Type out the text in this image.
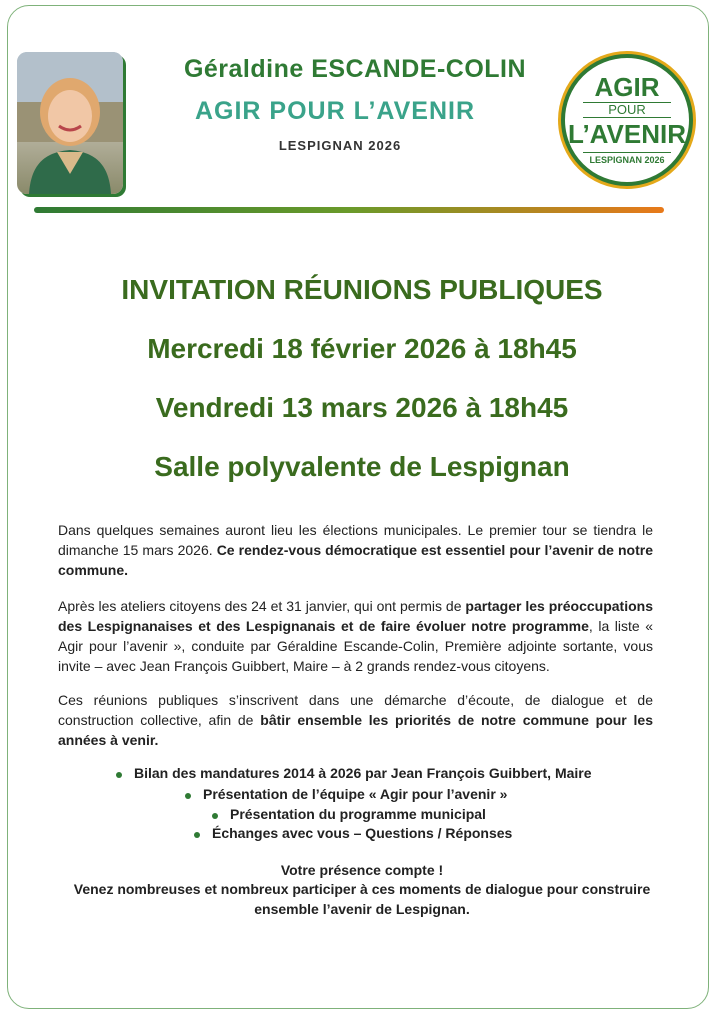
Géraldine ESCANDE-COLIN
AGIR POUR L’AVENIR
LESPIGNAN 2026
AGIR
POUR
L’AVENIR
LESPIGNAN 2026
INVITATION RÉUNIONS PUBLIQUES
Mercredi 18 février 2026 à 18h45
Vendredi 13 mars 2026 à 18h45
Salle polyvalente de Lespignan
Dans quelques semaines auront lieu les élections municipales. Le premier tour se tiendra le dimanche 15 mars 2026. Ce rendez-vous démocratique est essentiel pour l’avenir de notre commune.
Après les ateliers citoyens des 24 et 31 janvier, qui ont permis de partager les préoccupations des Lespignanaises et des Lespignanais et de faire évoluer notre programme, la liste « Agir pour l’avenir », conduite par Géraldine Escande-Colin, Première adjointe sortante, vous invite – avec Jean François Guibbert, Maire – à 2 grands rendez-vous citoyens.
Ces réunions publiques s’inscrivent dans une démarche d’écoute, de dialogue et de construction collective, afin de bâtir ensemble les priorités de notre commune pour les années à venir.
Bilan des mandatures 2014 à 2026 par Jean François Guibbert, Maire
Présentation de l’équipe « Agir pour l’avenir »
Présentation du programme municipal
Échanges avec vous – Questions / Réponses
Votre présence compte !
Venez nombreuses et nombreux participer à ces moments de dialogue pour construire ensemble l’avenir de Lespignan.
